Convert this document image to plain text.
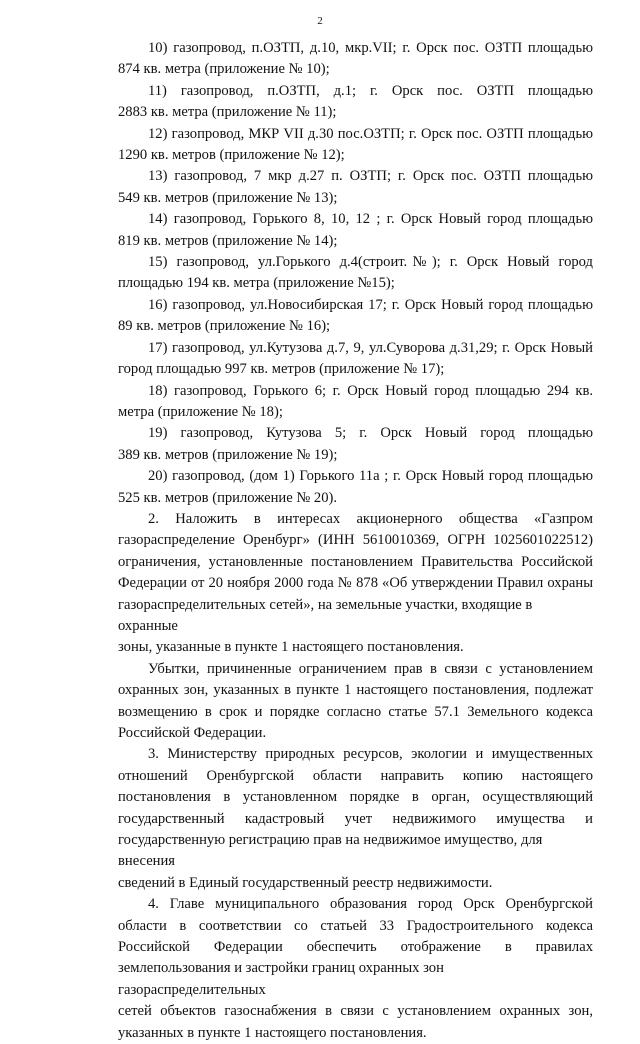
2
10) газопровод, п.ОЗТП, д.10, мкр.VII; г. Орск пос. ОЗТП площадью
874 кв. метра (приложение № 10);
11) газопровод, п.ОЗТП, д.1; г. Орск пос. ОЗТП площадью
2883 кв. метра (приложение № 11);
12) газопровод, МКР VII д.30 пос.ОЗТП; г. Орск пос. ОЗТП площадью
1290 кв. метров (приложение № 12);
13) газопровод, 7 мкр д.27 п. ОЗТП; г. Орск пос. ОЗТП площадью
549 кв. метров (приложение № 13);
14) газопровод, Горького 8, 10, 12 ; г. Орск Новый город площадью
819 кв. метров (приложение № 14);
15) газопровод, ул.Горького д.4(строит.№); г. Орск Новый город
площадью 194 кв. метра (приложение №15);
16) газопровод, ул.Новосибирская 17; г. Орск Новый город площадью
89 кв. метров (приложение № 16);
17) газопровод, ул.Кутузова д.7, 9, ул.Суворова д.31,29; г. Орск Новый
город площадью 997 кв. метров (приложение № 17);
18) газопровод, Горького 6; г. Орск Новый город площадью 294 кв.
метра (приложение № 18);
19) газопровод, Кутузова 5; г. Орск Новый город площадью
389 кв. метров (приложение № 19);
20) газопровод, (дом 1) Горького 11а ; г. Орск Новый город площадью
525 кв. метров (приложение № 20).
2. Наложить в интересах акционерного общества «Газпром
газораспределение Оренбург» (ИНН 5610010369, ОГРН 1025601022512)
ограничения, установленные постановлением Правительства Российской
Федерации от 20 ноября 2000 года № 878 «Об утверждении Правил охраны
газораспределительных сетей», на земельные участки, входящие в охранные
зоны, указанные в пункте 1 настоящего постановления.
Убытки, причиненные ограничением прав в связи с установлением
охранных зон, указанных в пункте 1 настоящего постановления, подлежат
возмещению в срок и порядке согласно статье 57.1 Земельного кодекса
Российской Федерации.
3. Министерству природных ресурсов, экологии и имущественных
отношений Оренбургской области направить копию настоящего
постановления в установленном порядке в орган, осуществляющий
государственный кадастровый учет недвижимого имущества и
государственную регистрацию прав на недвижимое имущество, для внесения
сведений в Единый государственный реестр недвижимости.
4. Главе муниципального образования город Орск Оренбургской
области в соответствии со статьей 33 Градостроительного кодекса
Российской Федерации обеспечить отображение в правилах
землепользования и застройки границ охранных зон газораспределительных
сетей объектов газоснабжения в связи с установлением охранных зон,
указанных в пункте 1 настоящего постановления.
